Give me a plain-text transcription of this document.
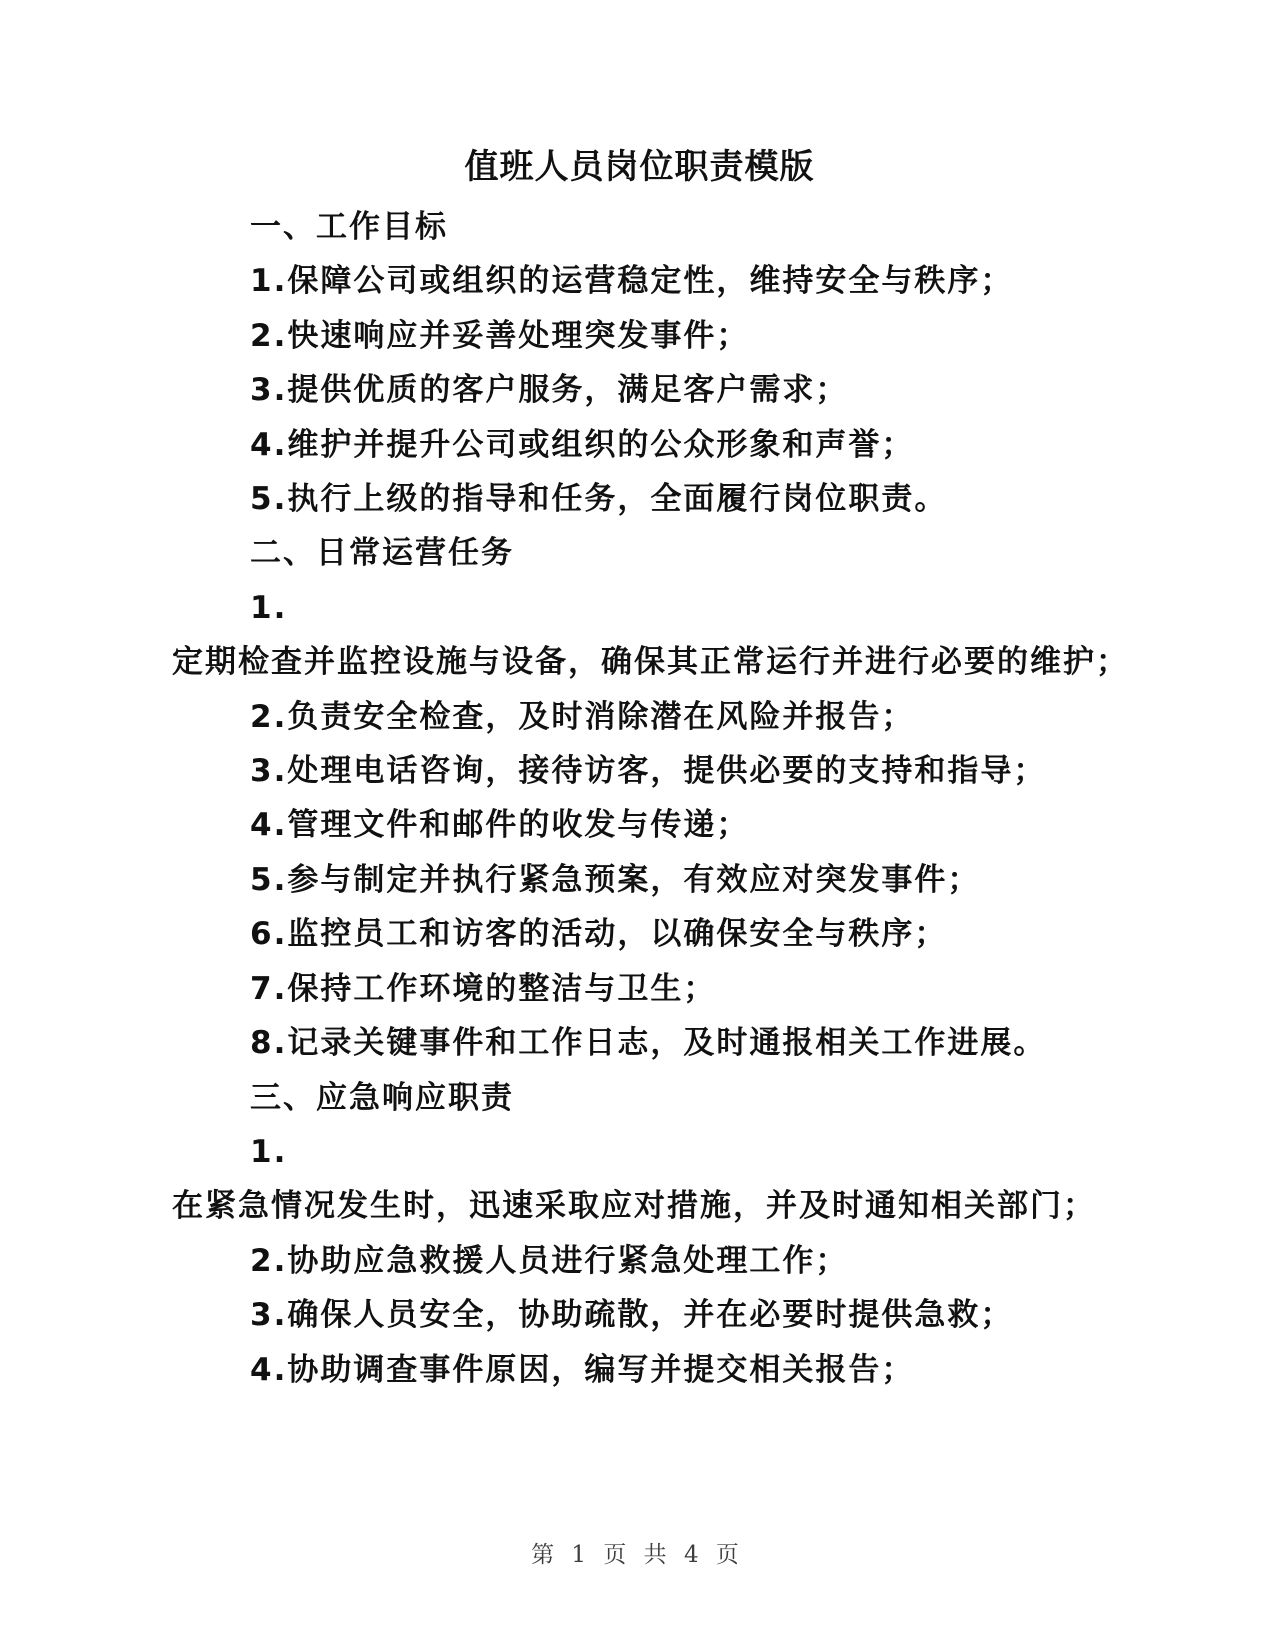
值班人员岗位职责模版
一、工作目标
1.保障公司或组织的运营稳定性，维持安全与秩序；
2.快速响应并妥善处理突发事件；
3.提供优质的客户服务，满足客户需求；
4.维护并提升公司或组织的公众形象和声誉；
5.执行上级的指导和任务，全面履行岗位职责。
二、日常运营任务
1.
定期检查并监控设施与设备，确保其正常运行并进行必要的维护；
2.负责安全检查，及时消除潜在风险并报告；
3.处理电话咨询，接待访客，提供必要的支持和指导；
4.管理文件和邮件的收发与传递；
5.参与制定并执行紧急预案，有效应对突发事件；
6.监控员工和访客的活动，以确保安全与秩序；
7.保持工作环境的整洁与卫生；
8.记录关键事件和工作日志，及时通报相关工作进展。
三、应急响应职责
1.
在紧急情况发生时，迅速采取应对措施，并及时通知相关部门；
2.协助应急救援人员进行紧急处理工作；
3.确保人员安全，协助疏散，并在必要时提供急救；
4.协助调查事件原因，编写并提交相关报告；
第 1 页 共 4 页
